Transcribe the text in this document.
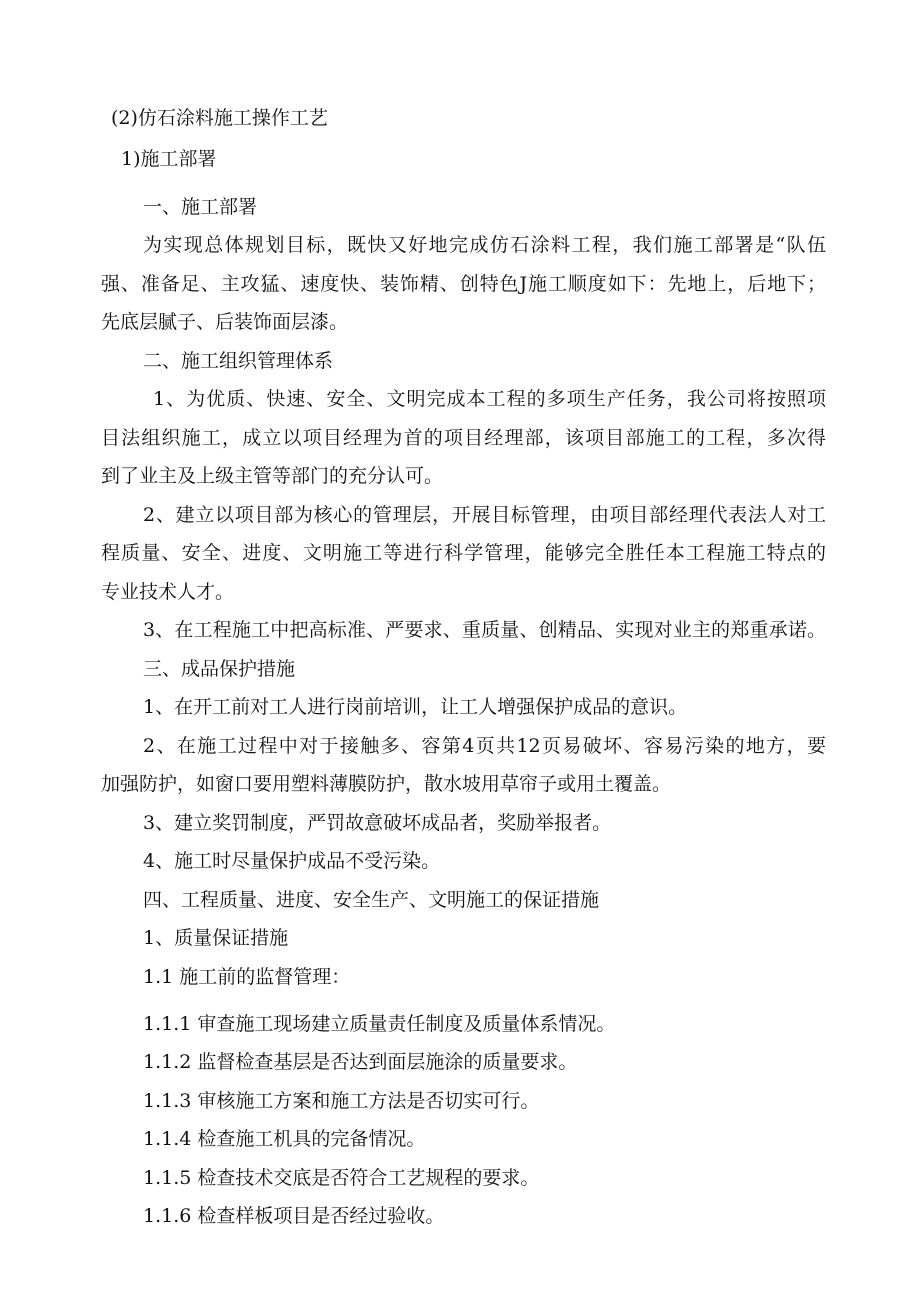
(2)仿石涂料施工操作工艺
1)施工部署
一、施工部署
为实现总体规划目标，既快又好地完成仿石涂料工程，我们施工部署是“队伍
强、准备足、主攻猛、速度快、装饰精、创特色J施工顺度如下：先地上，后地下；
先底层腻子、后装饰面层漆。
二、施工组织管理体系
1、为优质、快速、安全、文明完成本工程的多项生产任务，我公司将按照项
目法组织施工，成立以项目经理为首的项目经理部，该项目部施工的工程，多次得
到了业主及上级主管等部门的充分认可。
2、建立以项目部为核心的管理层，开展目标管理，由项目部经理代表法人对工
程质量、安全、进度、文明施工等进行科学管理，能够完全胜任本工程施工特点的
专业技术人才。
3、在工程施工中把高标准、严要求、重质量、创精品、实现对业主的郑重承诺。
三、成品保护措施
1、在开工前对工人进行岗前培训，让工人增强保护成品的意识。
2、在施工过程中对于接触多、容第4页共12页易破坏、容易污染的地方，要
加强防护，如窗口要用塑料薄膜防护，散水坡用草帘子或用土覆盖。
3、建立奖罚制度，严罚故意破坏成品者，奖励举报者。
4、施工时尽量保护成品不受污染。
四、工程质量、进度、安全生产、文明施工的保证措施
1、质量保证措施
1.1 施工前的监督管理：
1.1.1 审查施工现场建立质量责任制度及质量体系情况。
1.1.2 监督检查基层是否达到面层施涂的质量要求。
1.1.3 审核施工方案和施工方法是否切实可行。
1.1.4 检查施工机具的完备情况。
1.1.5 检查技术交底是否符合工艺规程的要求。
1.1.6 检查样板项目是否经过验收。
